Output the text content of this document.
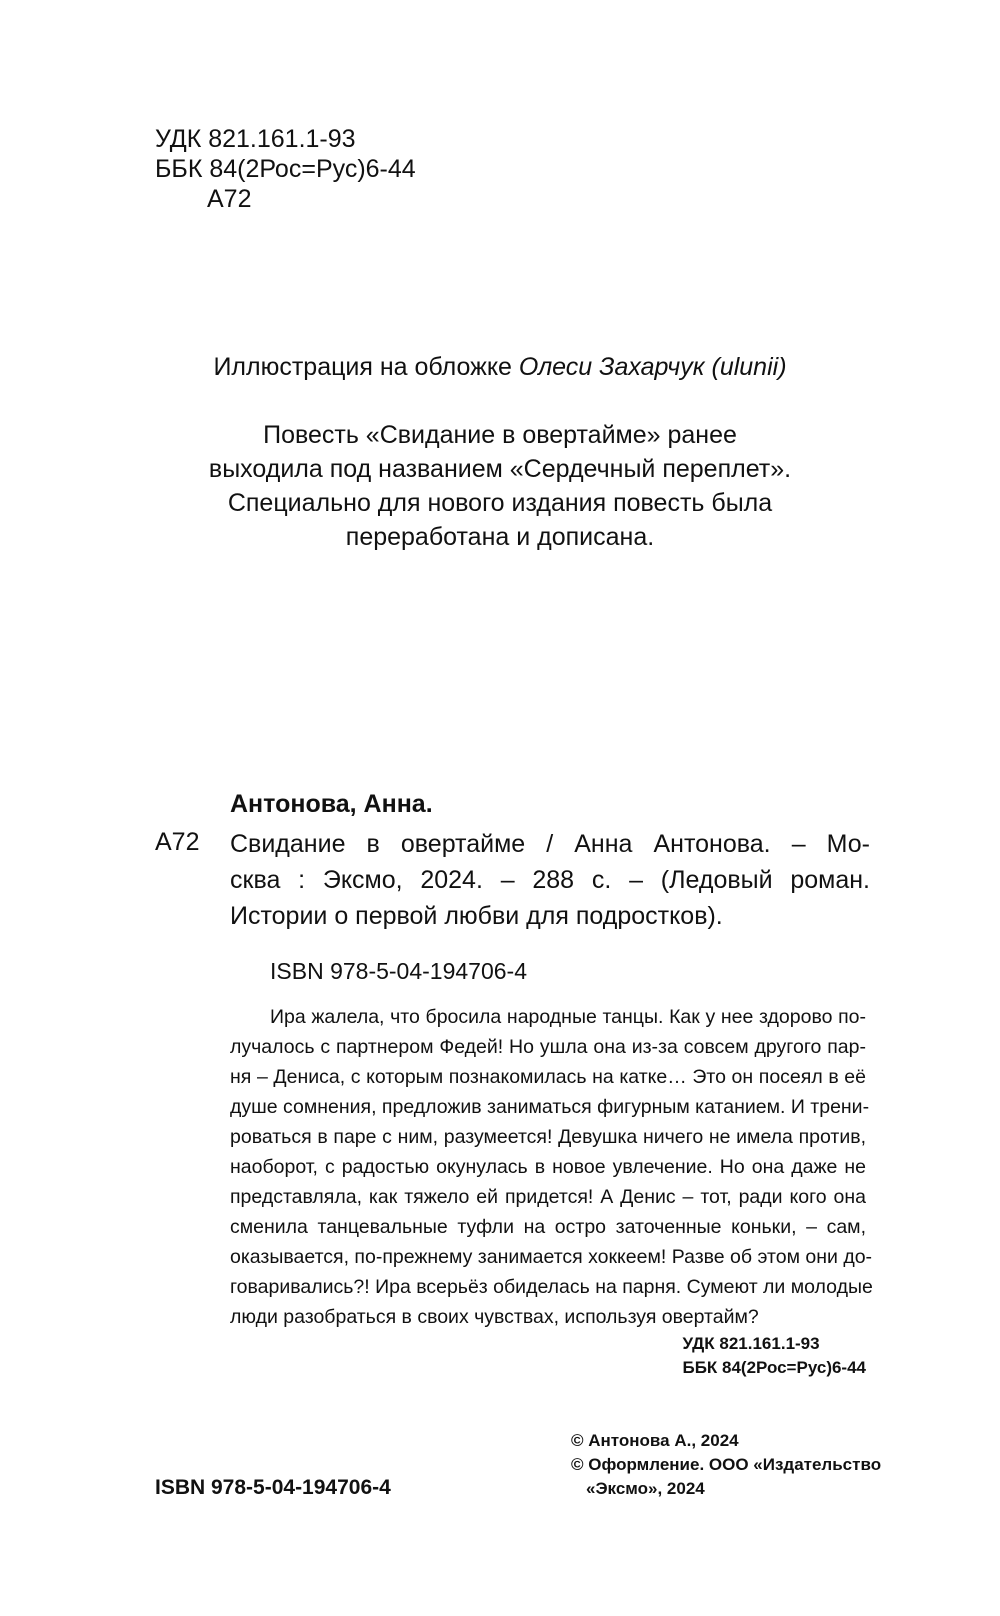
УДК 821.161.1-93
ББК 84(2Рос=Рус)6-44
А72
Иллюстрация на обложке Олеси Захарчук (ulunii)
Повесть «Свидание в овертайме» ранее
выходила под названием «Сердечный переплет».
Специально для нового издания повесть была
переработана и дописана.
Антонова, Анна.
А72 Свидание в овертайме / Анна Антонова. – Мо-
сква : Эксмо, 2024. – 288 с. – (Ледовый роман.
Истории о первой любви для подростков).
ISBN 978-5-04-194706-4
Ира жалела, что бросила народные танцы. Как у нее здорово по-
лучалось с партнером Федей! Но ушла она из-за совсем другого пар-
ня – Дениса, с которым познакомилась на катке… Это он посеял в её
душе сомнения, предложив заниматься фигурным катанием. И трени-
роваться в паре с ним, разумеется! Девушка ничего не имела против,
наоборот, с радостью окунулась в новое увлечение. Но она даже не
представляла, как тяжело ей придется! А Денис – тот, ради кого она
сменила танцевальные туфли на остро заточенные коньки, – сам,
оказывается, по-прежнему занимается хоккеем! Разве об этом они до-
говаривались?! Ира всерьёз обиделась на парня. Сумеют ли молодые
люди разобраться в своих чувствах, используя овертайм?
УДК 821.161.1-93
ББК 84(2Рос=Рус)6-44
© Антонова А., 2024
© Оформление. ООО «Издательство
«Эксмо», 2024
ISBN 978-5-04-194706-4
